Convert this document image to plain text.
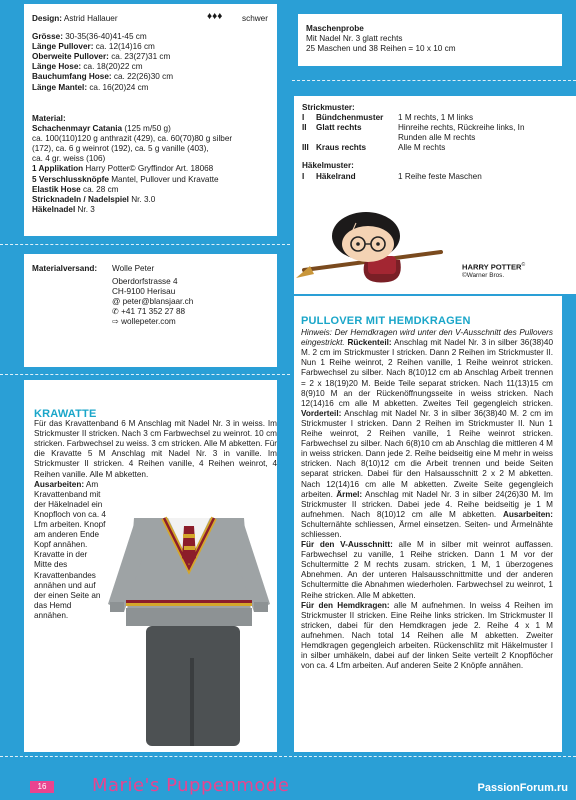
Design: Astrid Hallauer	♦♦♦ schwer
Grösse: 30-35(36-40)41-45 cm
Länge Pullover: ca. 12(14)16 cm
Oberweite Pullover: ca. 23(27)31 cm
Länge Hose: ca. 18(20)22 cm
Bauchumfang Hose: ca. 22(26)30 cm
Länge Mantel: ca. 16(20)24 cm
Material:
Schachenmayr Catania (125 m/50 g)
ca. 100(110)120 g anthrazit (429), ca. 60(70)80 g silber
(172), ca. 6 g weinrot (192), ca. 5 g vanille (403),
ca. 4 gr. weiss (106)
1 Applikation Harry Potter© Gryffindor Art. 18068
5 Verschlussknöpfe Mantel, Pullover und Kravatte
Elastik Hose ca. 28 cm
Stricknadeln / Nadelspiel Nr. 3.0
Häkelnadel Nr. 3
Materialversand: Wolle Peter
Oberdorfstrasse 4
CH-9100 Herisau
@ peter@blansjaar.ch
✆ +41 71 352 27 88
⇨ wollepeter.com
Maschenprobe
Mit Nadel Nr. 3 glatt rechts
25 Maschen und 38 Reihen = 10 x 10 cm
Strickmuster:
I	Bündchenmuster	1 M rechts, 1 M links
II	Glatt rechts	Hinreihe rechts, Rückreihe links, In Runden alle M rechts
III	Kraus rechts	Alle M rechts
Häkelmuster:
I	Häkelrand	1 Reihe feste Maschen
HARRY POTTER©
©Warner Bros.
KRAWATTE
Für das Kravattenband 6 M Anschlag mit Nadel Nr. 3 in weiss. Im Strickmuster II stricken. Nach 3 cm Farbwechsel zu weinrot. 10 cm stricken. Farbwechsel zu weiss. 3 cm stricken. Alle M abketten. Für die Kravatte 5 M Anschlag mit Nadel Nr. 3 in vanille. Im Strickmuster II stricken. 4 Reihen vanille, 4 Reihen weinrot, 4 Reihen vanille. Alle M abketten.
Ausarbeiten: Am Kravattenband mit der Häkelnadel ein Knopfloch von ca. 4 Lfm arbeiten. Knopf am anderen Ende Kopf annähen. Kravatte in der Mitte des Kravattenbandes annähen und auf der einen Seite an das Hemd annähen.
PULLOVER MIT HEMDKRAGEN
Hinweis: Der Hemdkragen wird unter den V-Ausschnitt des Pullovers eingestrickt. Rückenteil: Anschlag mit Nadel Nr. 3 in silber 36(38)40 M. 2 cm im Strickmuster I stricken. Dann 2 Reihen im Strickmuster II. Nun 1 Reihe weinrot, 2 Reihen vanille, 1 Reihe weinrot stricken. Farbwechsel zu silber. Nach 8(10)12 cm ab Anschlag Arbeit trennen = 2 x 18(19)20 M. Beide Teile separat stricken. Nach 11(13)15 cm 8(9)10 M an der Rückenöffnungsseite in weiss stricken. Nach 12(14)16 cm alle M abketten. Zweites Teil gegengleich stricken. Vorderteil: Anschlag mit Nadel Nr. 3 in silber 36(38)40 M. 2 cm im Strickmuster I stricken. Dann 2 Reihen im Strickmuster II. Nun 1 Reihe weinrot, 2 Reihen vanille, 1 Reihe weinrot stricken. Farbwechsel zu silber. Nach 6(8)10 cm ab Anschlag die mittleren 4 M in weiss stricken. Dann jede 2. Reihe beidseitig eine M mehr in weiss stricken. Nach 8(10)12 cm die Arbeit trennen und beide Seiten separat stricken. Dabei für den Halsausschnitt 2 x 2 M abketten. Nach 12(14)16 cm alle M abketten. Zweite Seite gegengleich arbeiten. Ärmel: Anschlag mit Nadel Nr. 3 in silber 24(26)30 M. Im Strickmuster II stricken. Dabei jede 4. Reihe beidseitig je 1 M aufnehmen. Nach 8(10)12 cm alle M abketten. Ausarbeiten: Schulternähte schliessen, Ärmel einsetzen. Seiten- und Ärmelnähte schliessen.
Für den V-Ausschnitt: alle M in silber mit weinrot auffassen. Farbwechsel zu vanille, 1 Reihe stricken. Dann 1 M vor der Schultermitte 2 M rechts zusam. stricken, 1 M, 1 überzogenes Abnehmen. An der unteren Halsausschnittmitte und der anderen Schultermitte die Abnahmen wiederholen. Farbwechsel zu weinrot, 1 Reihe stricken. Alle M abketten.
Für den Hemdkragen: alle M aufnehmen. In weiss 4 Reihen im Strickmuster II stricken. Eine Reihe links stricken. Im Strickmuster II stricken, dabei für den Hemdkragen jede 2. Reihe 4 x 1 M aufnehmen. Nach total 14 Reihen alle M abketten. Zweiter Hemdkragen gegengleich arbeiten. Rückenschlitz mit Häkelmuster I in silber umhäkeln, dabei auf der linken Seite verteilt 2 Knopflöcher von ca. 4 Lfm arbeiten. Auf anderen Seite 2 Knöpfe annähen.
16	Marie's Puppenmode	PassionForum.ru
